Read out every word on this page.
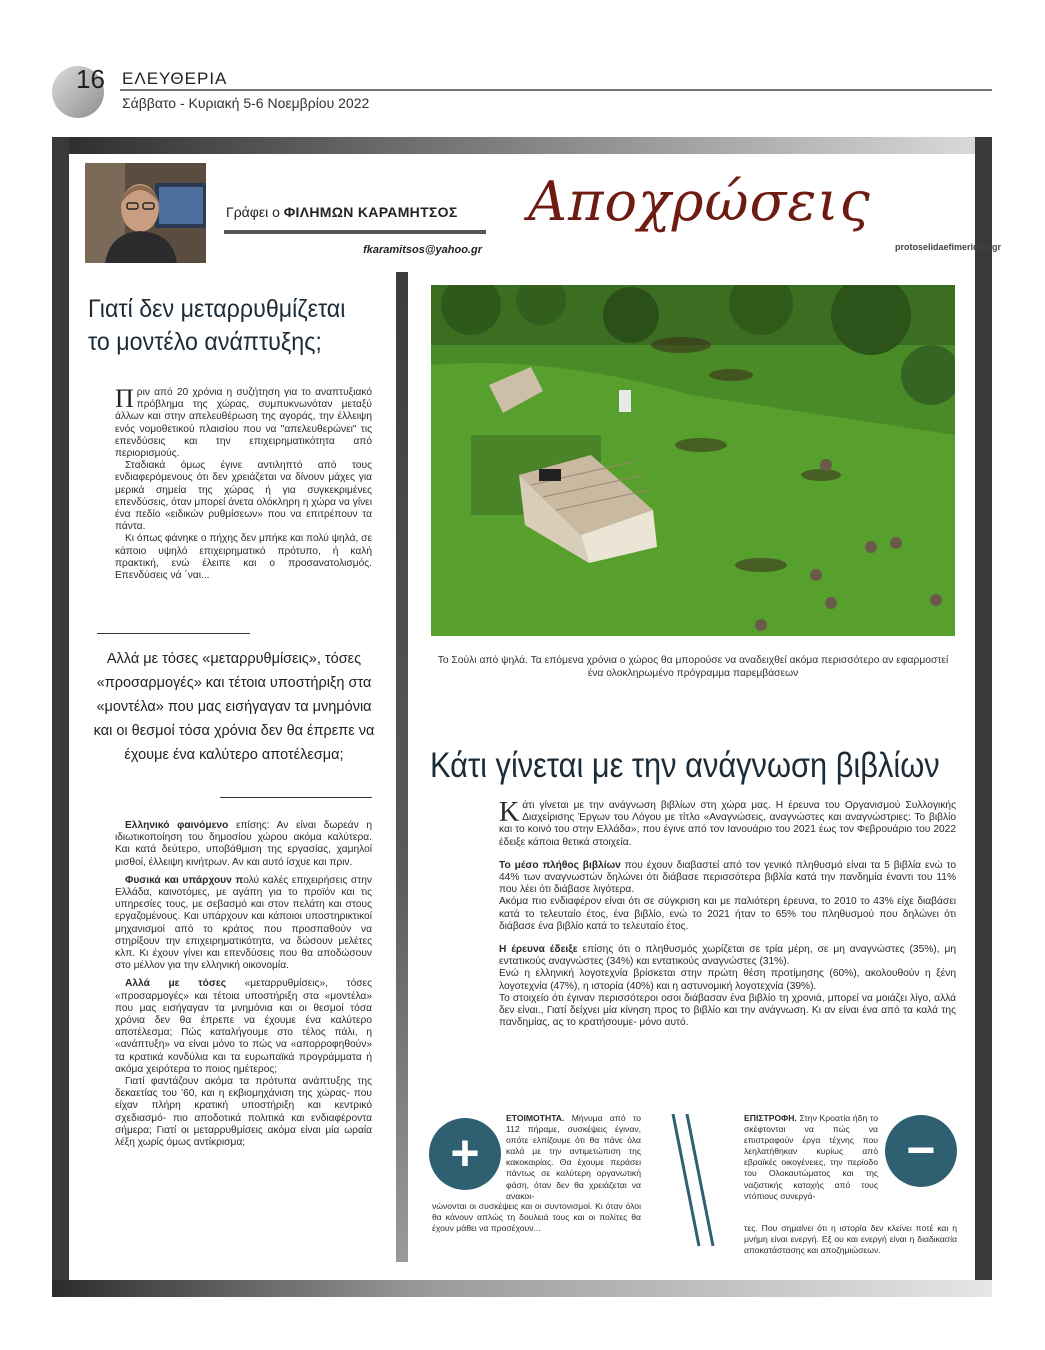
16 ΕΛΕΥΘΕΡΙΑ
Σάββατο - Κυριακή 5-6 Νοεμβρίου 2022
Γράφει ο ΦΙΛΗΜΩΝ ΚΑΡΑΜΗΤΣΟΣ
fkaramitsos@yahoo.gr
Αποχρώσεις
protoselidaefimeridon.gr
Γιατί δεν μεταρρυθμίζεται το μοντέλο ανάπτυξης;

Πριν από 20 χρόνια η συζήτηση για το αναπτυξιακό πρόβλημα της χώρας, συμπυκνωνόταν μεταξύ άλλων και στην απελευθέρωση της αγοράς, την έλλειψη ενός νομοθετικού πλαισίου που να "απελευθερώνει" τις επενδύσεις και την επιχειρηματικότητα από περιορισμούς.

Σταδιακά όμως έγινε αντιληπτό από τους ενδιαφερόμενους ότι δεν χρειάζεται να δίνουν μάχες για μερικά σημεία της χώρας ή για συγκεκριμένες επενδύσεις, όταν μπορεί άνετα ολόκληρη η χώρα να γίνει ένα πεδίο «ειδικών ρυθμίσεων» που να επιτρέπουν τα πάντα.

Κι όπως φάνηκε ο πήχης δεν μπήκε και πολύ ψηλά, σε κάποιο υψηλό επιχειρηματικό πρότυπο, ή καλή πρακτική, ενώ έλειπε και ο προσανατολισμός. Επενδύσεις νά ΄ναι...

Αλλά με τόσες «μεταρρυθμίσεις», τόσες «προσαρμογές» και τέτοια υποστήριξη στα «μοντέλα» που μας εισήγαγαν τα μνημόνια και οι θεσμοί τόσα χρόνια δεν θα έπρεπε να έχουμε ένα καλύτερο αποτέλεσμα;

Ελληνικό φαινόμενο επίσης: Αν είναι δωρεάν η ιδιωτικοποίηση του δημοσίου χώρου ακόμα καλύτερα. Και κατά δεύτερο, υποβάθμιση της εργασίας, χαμηλοί μισθοί, έλλειψη κινήτρων. Αν και αυτό ίσχυε και πριν.

Φυσικά και υπάρχουν πολύ καλές επιχειρήσεις στην Ελλάδα, καινοτόμες, με αγάπη για το προϊόν και τις υπηρεσίες τους, με σεβασμό και στον πελάτη και στους εργαζομένους. Και υπάρχουν και κάποιοι υποστηρικτικοί μηχανισμοί από το κράτος που προσπαθούν να στηρίξουν την επιχειρηματικότητα, να δώσουν μελέτες κλπ. Κι έχουν γίνει και επενδύσεις που θα αποδώσουν στο μέλλον για την ελληνική οικονομία.

Αλλά με τόσες «μεταρρυθμίσεις», τόσες «προσαρμογές» και τέτοια υποστήριξη στα «μοντέλα» που μας εισήγαγαν τα μνημόνια και οι θεσμοί τόσα χρόνια δεν θα έπρεπε να έχουμε ένα καλύτερο αποτέλεσμα; Πώς καταλήγουμε στο τέλος πάλι, η «ανάπτυξη» να είναι μόνο το πώς να «απορροφηθούν» τα κρατικά κονδύλια και τα ευρωπαϊκά προγράμματα ή ακόμα χειρότερα το ποιος ημέτερος;

Γιατί φαντάζουν ακόμα τα πρότυπα ανάπτυξης της δεκαετίας του '60, και η εκβιομηχάνιση της χώρας- που είχαν πλήρη κρατική υποστήριξη και κεντρικό σχεδιασμό- πιο αποδοτικά πολιτικά και ενδιαφέροντα σήμερα; Γιατί οι μεταρρυθμίσεις ακόμα είναι μία ωραία λέξη χωρίς όμως αντίκρισμα;

Το Σούλι από ψηλά. Τα επόμενα χρόνια ο χώρος θα μπορούσε να αναδειχθεί ακόμα περισσότερο αν εφαρμοστεί ένα ολοκληρωμένο πρόγραμμα παρεμβάσεων
Κάτι γίνεται με την ανάγνωση βιβλίων

Κάτι γίνεται με την ανάγνωση βιβλίων στη χώρα μας. Η έρευνα του Οργανισμού Συλλογικής Διαχείρισης Έργων του Λόγου με τίτλο «Αναγνώσεις, αναγνώστες και αναγνώστριες: Το βιβλίο και το κοινό του στην Ελλάδα», που έγινε από τον Ιανουάριο του 2021 έως τον Φεβρουάριο του 2022 έδειξε κάποια θετικά στοιχεία.

Το μέσο πλήθος βιβλίων που έχουν διαβαστεί από τον γενικό πληθυσμό είναι τα 5 βιβλία ενώ το 44% των αναγνωστών δηλώνει ότι διάβασε περισσότερα βιβλία κατά την πανδημία έναντι του 11% που λέει ότι διάβασε λιγότερα.

Ακόμα πιο ενδιαφέρον είναι ότι σε σύγκριση και με παλιότερη έρευνα, το 2010 το 43% είχε διαβάσει κατά το τελευταίο έτος, ένα βιβλίο, ενώ το 2021 ήταν το 65% του πληθυσμού που δηλώνει ότι διάβασε ένα βιβλίο κατά το τελευταίο έτος.

Η έρευνα έδειξε επίσης ότι ο πληθυσμός χωρίζεται σε τρία μέρη, σε μη αναγνώστες (35%), μη εντατικούς αναγνώστες (34%) και εντατικούς αναγνώστες (31%).

Ενώ η ελληνική λογοτεχνία βρίσκεται στην πρώτη θέση προτίμησης (60%), ακολουθούν η ξένη λογοτεχνία (47%), η ιστορία (40%) και η αστυνομική λογοτεχνία (39%).

Το στοιχείο ότι έγιναν περισσότεροι οσοι διάβασαν ένα βιβλίο τη χρονιά, μπορεί να μοιάζει λίγο, αλλά δεν είναι., Γιατί δείχνει μία κίνηση προς το βιβλίο και την ανάγνωση. Κι αν είναι ένα από τα καλά της πανδημίας, ας το κρατήσουμε- μόνο αυτό.

+
ΕΤΟΙΜΟΤΗΤΑ. Μήνυμα από το 112 πήραμε, συσκέψεις έγιναν, οπότε ελπίζουμε ότι θα πάνε όλα καλά με την αντιμετώπιση της κακοκαιρίας. Θα έχουμε περάσει πάντως σε καλύτερη οργανωτική φάση, όταν δεν θα χρειάζεται να ανακοι-
νώνονται οι συσκέψεις και οι συντονισμοί. Κι όταν όλοι θα κάνουν απλώς τη δουλειά τους και οι πολίτες θα έχουν μάθει να προσέχουν...
ΕΠΙΣΤΡΟΦΗ. Στην Κροατία ήδη το σκέφτονται να πώς να επιστραφούν έργα τέχνης που λεηλατήθηκαν κυρίως από εβραϊκές οικογένειες, την περίοδο του Ολοκαυτώματος και της ναζιστικής κατοχής από τους ντόπιους συνεργά-
−
τες. Που σημαίνει ότι η ιστορία δεν κλείνει ποτέ και η μνήμη είναι ενεργή. Εξ ου και ενεργή είναι η διαδικασία αποκατάστασης και αποζημιώσεων.
